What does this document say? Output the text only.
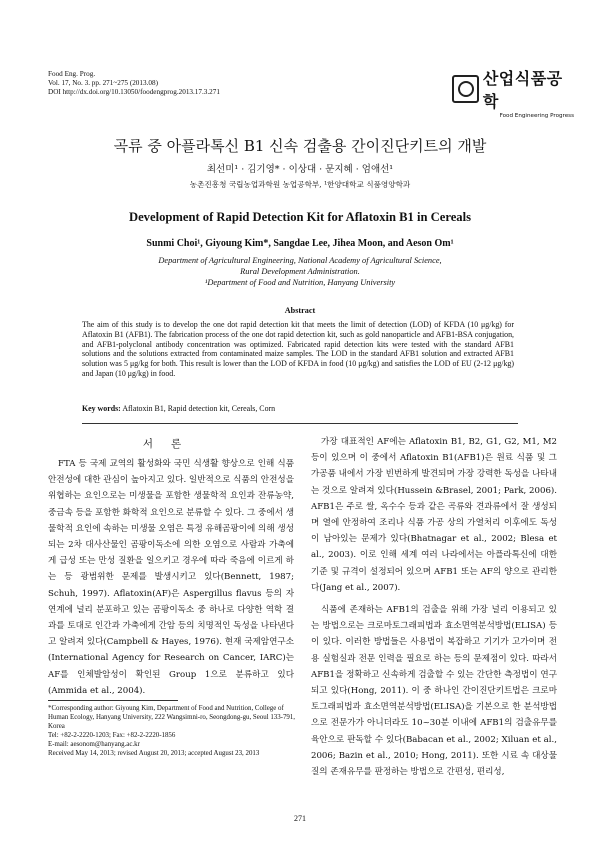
Food Eng. Prog.
Vol. 17, No. 3. pp. 271~275 (2013.08)
DOI http://dx.doi.org/10.13050/foodengprog.2013.17.3.271
산업식품공학
Food Engineering Progress
곡류 중 아플라톡신 B1 신속 검출용 간이진단키트의 개발
최선미¹ · 김기영* · 이상대 · 문지혜 · 엄애선¹
농촌진흥청 국립농업과학원 농업공학부, ¹한양대학교 식품영양학과
Development of Rapid Detection Kit for Aflatoxin B1 in Cereals
Sunmi Choi¹, Giyoung Kim*, Sangdae Lee, Jihea Moon, and Aeson Om¹
Department of Agricultural Engineering, National Academy of Agricultural Science,
Rural Development Administration.
¹Department of Food and Nutrition, Hanyang University
Abstract
The aim of this study is to develop the one dot rapid detection kit that meets the limit of detection (LOD) of KFDA (10 μg/kg) for Aflatoxin B1 (AFB1). The fabrication process of the one dot rapid detection kit, such as gold nanoparticle and AFB1-BSA conjugation, and AFB1-polyclonal antibody concentration was optimized. Fabricated rapid detection kits were tested with the standard AFB1 solutions and the solutions extracted from contaminated maize samples. The LOD in the standard AFB1 solution and extracted AFB1 solution was 5 μg/kg for both. This result is lower than the LOD of KFDA in food (10 μg/kg) and satisfies the LOD of EU (2-12 μg/kg) and Japan (10 μg/kg) in food.
Key words: Aflatoxin B1, Rapid detection kit, Cereals, Corn
서론

FTA 등 국제 교역의 활성화와 국민 식생활 향상으로 인해 식품 안전성에 대한 관심이 높아지고 있다. 일반적으로 식품의 안전성을 위협하는 요인으로는 미생물을 포함한 생물학적 요인과 잔류농약, 중금속 등을 포함한 화학적 요인으로 분류할 수 있다. 그 중에서 생물학적 요인에 속하는 미생물 오염은 특정 유해곰팡이에 의해 생성되는 2차 대사산물인 곰팡이독소에 의한 오염으로 사람과 가축에게 급성 또는 만성 질환을 일으키고 경우에 따라 죽음에 이르게 하는 등 광범위한 문제를 발생시키고 있다(Bennett, 1987; Schuh, 1997). Aflatoxin(AF)은 Aspergillus flavus 등의 자연계에 널리 분포하고 있는 곰팡이독소 중 하나로 다양한 역학 결과를 토대로 인간과 가축에게 간암 등의 치명적인 독성을 나타낸다고 알려져 있다(Campbell & Hayes, 1976). 현재 국제암연구소(International Agency for Research on Cancer, IARC)는 AF를 인체발암성이 확인된 Group 1으로 분류하고 있다(Ammida et al., 2004).

가장 대표적인 AF에는 Aflatoxin B1, B2, G1, G2, M1, M2 등이 있으며 이 중에서 Aflatoxin B1(AFB1)은 원료 식품 및 그 가공품 내에서 가장 빈번하게 발견되며 가장 강력한 독성을 나타내는 것으로 알려져 있다(Hussein &Brasel, 2001; Park, 2006). AFB1은 주로 쌀, 옥수수 등과 같은 곡류와 견과류에서 잘 생성되며 열에 안정하여 조리나 식품 가공 상의 가열처리 이후에도 독성이 남아있는 문제가 있다(Bhatnagar et al., 2002; Blesa et al., 2003). 이로 인해 세계 여러 나라에서는 아플라톡신에 대한 기준 및 규격이 설정되어 있으며 AFB1 또는 AF의 양으로 관리한다(Jang et al., 2007).

식품에 존재하는 AFB1의 검출을 위해 가장 널리 이용되고 있는 방법으로는 크로마토그래피법과 효소면역분석방법(ELISA) 등이 있다. 이러한 방법들은 사용법이 복잡하고 기기가 고가이며 전용 실험실과 전문 인력을 필요로 하는 등의 문제점이 있다. 따라서 AFB1을 정확하고 신속하게 검출할 수 있는 간단한 측정법이 연구되고 있다(Hong, 2011). 이 중 하나인 간이진단키트법은 크로마토그래피법과 효소면역분석방법(ELISA)을 기본으로 한 분석방법으로 전문가가 아니더라도 10~30분 이내에 AFB1의 검출유무를 육안으로 판독할 수 있다(Babacan et al., 2002; Xiluan et al., 2006; Bazin et al., 2010; Hong, 2011). 또한 시료 속 대상물질의 존재유무를 판정하는 방법으로 간편성, 편리성,

*Corresponding author: Giyoung Kim, Department of Food and Nutrition, College of Human Ecology, Hanyang University, 222 Wangsimni-ro, Seongdong-gu, Seoul 133-791, Korea
Tel: +82-2-2220-1203; Fax: +82-2-2220-1856
E-mail: aesonom@hanyang.ac.kr
Received May 14, 2013; revised August 20, 2013; accepted August 23, 2013
271
